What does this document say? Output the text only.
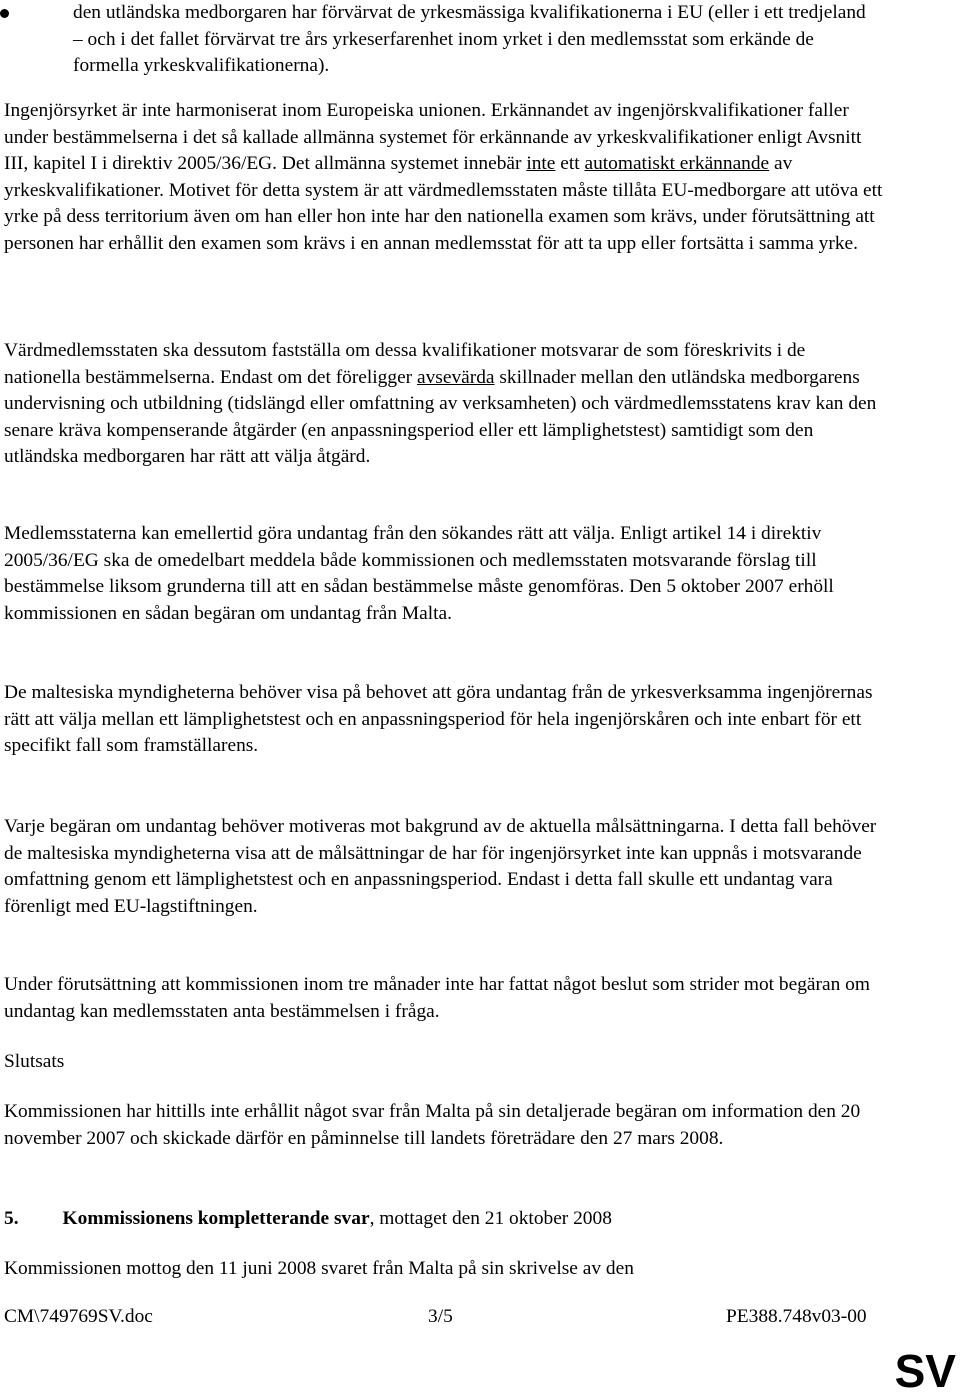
den utländska medborgaren har förvärvat de yrkesmässiga kvalifikationerna i EU (eller i ett tredjeland – och i det fallet förvärvat tre års yrkeserfarenhet inom yrket i den medlemsstat som erkände de formella yrkeskvalifikationerna).

Ingenjörsyrket är inte harmoniserat inom Europeiska unionen. Erkännandet av ingenjörskvalifikationer faller under bestämmelserna i det så kallade allmänna systemet för erkännande av yrkeskvalifikationer enligt Avsnitt III, kapitel I i direktiv 2005/36/EG. Det allmänna systemet innebär inte ett automatiskt erkännande av yrkeskvalifikationer. Motivet för detta system är att värdmedlemsstaten måste tillåta EU-medborgare att utöva ett yrke på dess territorium även om han eller hon inte har den nationella examen som krävs, under förutsättning att personen har erhållit den examen som krävs i en annan medlemsstat för att ta upp eller fortsätta i samma yrke.

Värdmedlemsstaten ska dessutom fastställa om dessa kvalifikationer motsvarar de som föreskrivits i de nationella bestämmelserna. Endast om det föreligger avsevärda skillnader mellan den utländska medborgarens undervisning och utbildning (tidslängd eller omfattning av verksamheten) och värdmedlemsstatens krav kan den senare kräva kompenserande åtgärder (en anpassningsperiod eller ett lämplighetstest) samtidigt som den utländska medborgaren har rätt att välja åtgärd.

Medlemsstaterna kan emellertid göra undantag från den sökandes rätt att välja. Enligt artikel 14 i direktiv 2005/36/EG ska de omedelbart meddela både kommissionen och medlemsstaten motsvarande förslag till bestämmelse liksom grunderna till att en sådan bestämmelse måste genomföras. Den 5 oktober 2007 erhöll kommissionen en sådan begäran om undantag från Malta.

De maltesiska myndigheterna behöver visa på behovet att göra undantag från de yrkesverksamma ingenjörernas rätt att välja mellan ett lämplighetstest och en anpassningsperiod för hela ingenjörskåren och inte enbart för ett specifikt fall som framställarens.

Varje begäran om undantag behöver motiveras mot bakgrund av de aktuella målsättningarna. I detta fall behöver de maltesiska myndigheterna visa att de målsättningar de har för ingenjörsyrket inte kan uppnås i motsvarande omfattning genom ett lämplighetstest och en anpassningsperiod. Endast i detta fall skulle ett undantag vara förenligt med EU-lagstiftningen.

Under förutsättning att kommissionen inom tre månader inte har fattat något beslut som strider mot begäran om undantag kan medlemsstaten anta bestämmelsen i fråga.

Slutsats

Kommissionen har hittills inte erhållit något svar från Malta på sin detaljerade begäran om information den 20 november 2007 och skickade därför en påminnelse till landets företrädare den 27 mars 2008.

5. Kommissionens kompletterande svar, mottaget den 21 oktober 2008

Kommissionen mottog den 11 juni 2008 svaret från Malta på sin skrivelse av den

CM\749769SV.doc	3/5	PE388.748v03-00
SV
